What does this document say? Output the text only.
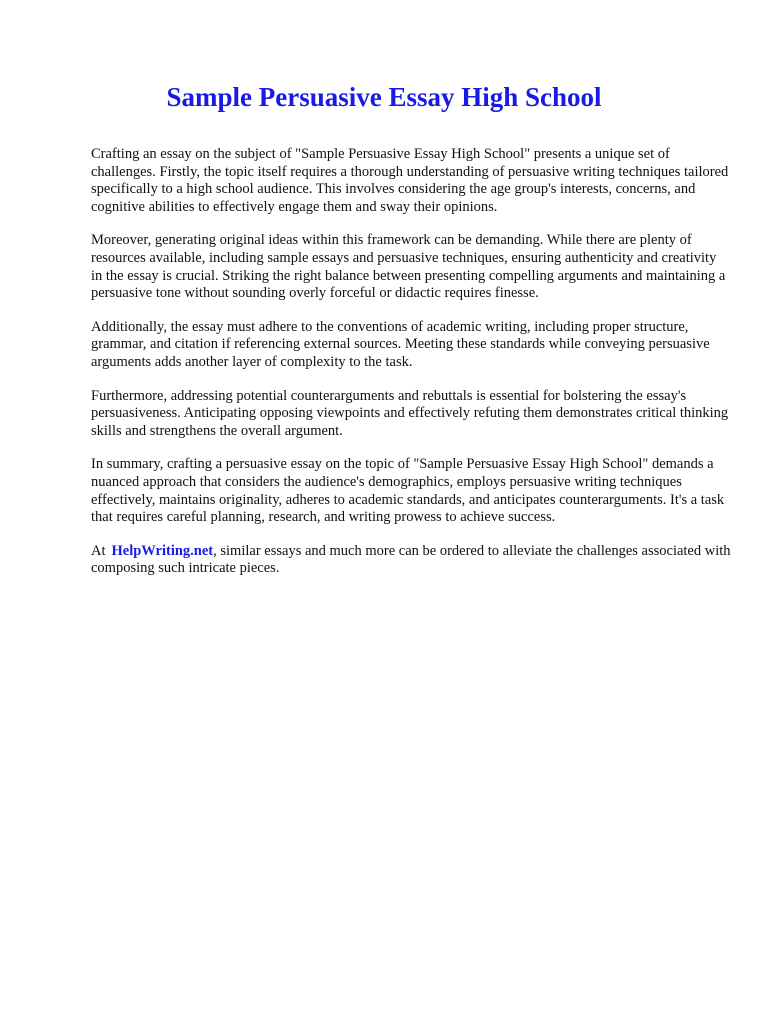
Sample Persuasive Essay High School

Crafting an essay on the subject of "Sample Persuasive Essay High School" presents a unique set of challenges. Firstly, the topic itself requires a thorough understanding of persuasive writing techniques tailored specifically to a high school audience. This involves considering the age group's interests, concerns, and cognitive abilities to effectively engage them and sway their opinions.

Moreover, generating original ideas within this framework can be demanding. While there are plenty of resources available, including sample essays and persuasive techniques, ensuring authenticity and creativity in the essay is crucial. Striking the right balance between presenting compelling arguments and maintaining a persuasive tone without sounding overly forceful or didactic requires finesse.

Additionally, the essay must adhere to the conventions of academic writing, including proper structure, grammar, and citation if referencing external sources. Meeting these standards while conveying persuasive arguments adds another layer of complexity to the task.

Furthermore, addressing potential counterarguments and rebuttals is essential for bolstering the essay's persuasiveness. Anticipating opposing viewpoints and effectively refuting them demonstrates critical thinking skills and strengthens the overall argument.

In summary, crafting a persuasive essay on the topic of "Sample Persuasive Essay High School" demands a nuanced approach that considers the audience's demographics, employs persuasive writing techniques effectively, maintains originality, adheres to academic standards, and anticipates counterarguments. It's a task that requires careful planning, research, and writing prowess to achieve success.

At HelpWriting.net, similar essays and much more can be ordered to alleviate the challenges associated with composing such intricate pieces.
